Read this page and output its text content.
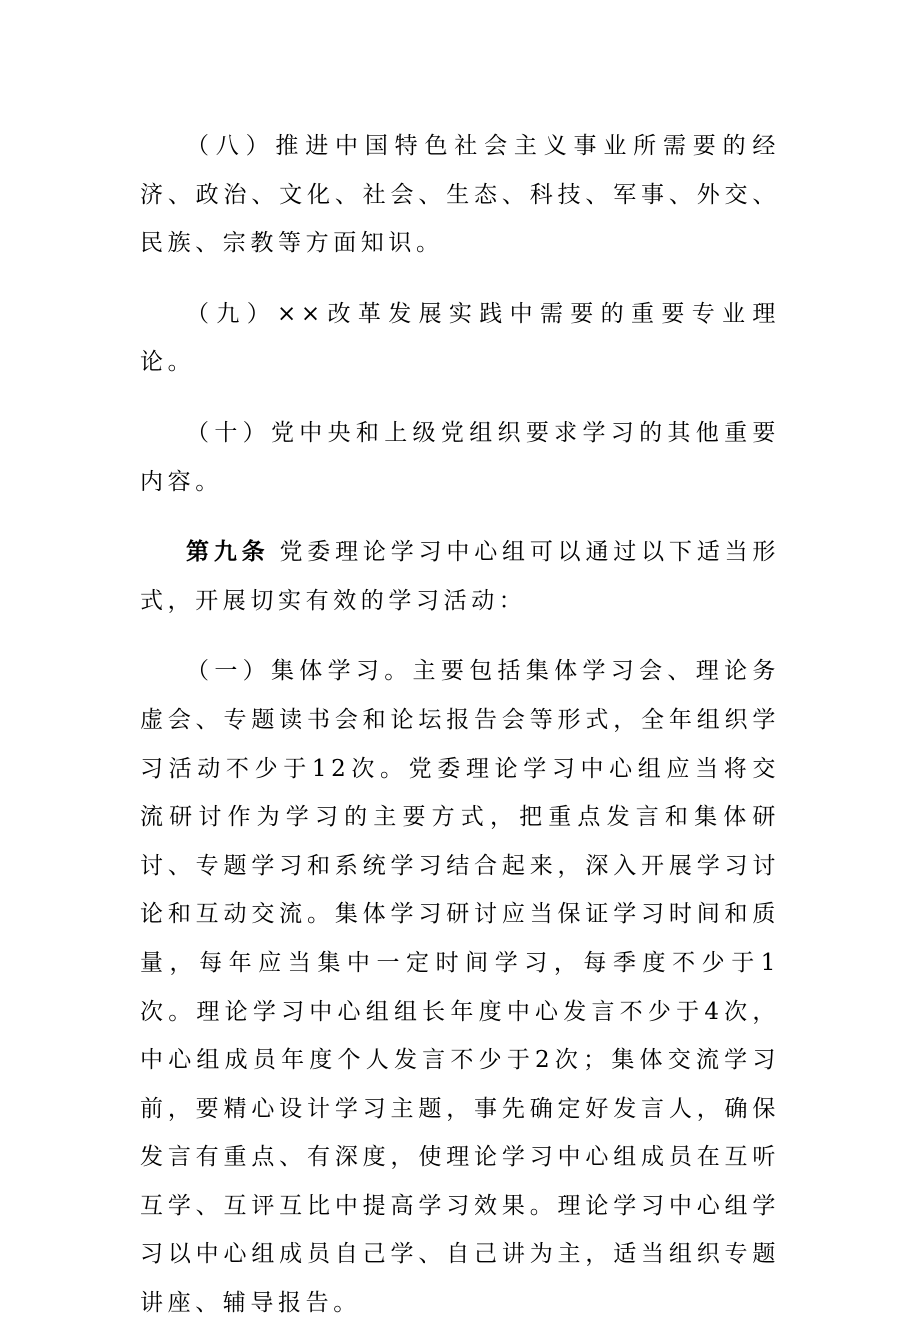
（八）推进中国特色社会主义事业所需要的经济、政治、文化、社会、生态、科技、军事、外交、民族、宗教等方面知识。

（九）××改革发展实践中需要的重要专业理论。

（十）党中央和上级党组织要求学习的其他重要内容。

第九条 党委理论学习中心组可以通过以下适当形式，开展切实有效的学习活动：

（一）集体学习。主要包括集体学习会、理论务虚会、专题读书会和论坛报告会等形式，全年组织学习活动不少于12次。党委理论学习中心组应当将交流研讨作为学习的主要方式，把重点发言和集体研讨、专题学习和系统学习结合起来，深入开展学习讨论和互动交流。集体学习研讨应当保证学习时间和质量，每年应当集中一定时间学习，每季度不少于1次。理论学习中心组组长年度中心发言不少于4次，中心组成员年度个人发言不少于2次；集体交流学习前，要精心设计学习主题，事先确定好发言人，确保发言有重点、有深度，使理论学习中心组成员在互听互学、互评互比中提高学习效果。理论学习中心组学习以中心组成员自己学、自己讲为主，适当组织专题讲座、辅导报告。
